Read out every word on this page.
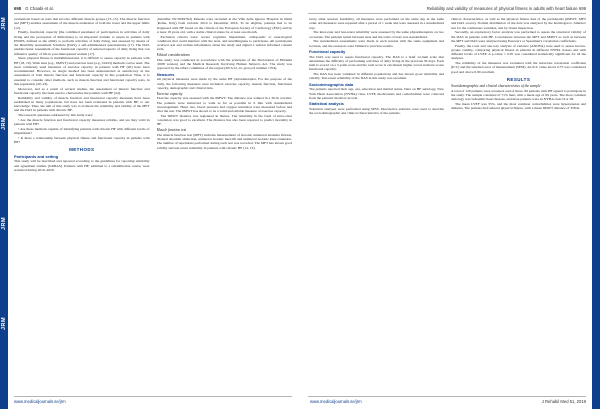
JRM
JRM
JRM
JRM
698 G Chaabi et al.

evaluations based on tests that involve different muscle groups (13–15). The muscle function test (MFT) enables assessment of the muscle endurance of both the lower and the upper limbs (12).

Finally, functional capacity (the combined parameter of participation in activities of daily living and the perception of limitations) is an important domain to assess in patients with PWMS, defined as the ability to perform activities of daily living, and assessed by means of the Disability Assessment Schedule (DAS), a self-administered questionnaire (17). The DAS enables better assessment of the functional capacity of selected aspects of daily living that can influence quality of life in post-menopausal women (17).

Since physical fitness is multidimensional, it is difficult to assess capacity in patients with HF (18, 19). Walk tests (e.g., 6MWT) and exercise tests (e.g., DASI) methods can be used. The most commonly used measures of exercise capacity in patients with HF (20) have been recommended. However, no single method has been demonstrated as satisfactory in the assessment of both muscle function and functional capacity in this population. Thus, it is essential to consider other methods, such as muscle function and functional capacity tests, in this population (20–23).

Moreover, and as a result of several studies, the assessment of muscle function and functional capacity has been used to characterize the patients with HF (24).

Reliability and validity of muscle function and functional capacity measures have been established in many populations, but have not been evaluated in patients with HF, to our knowledge. Thus, the aim of this study was to evaluate the reliability and validity of the MFT and the DAS in patients with chronic HF.

The research questions addressed by this study were:

• Are the muscle function and functional capacity measures reliable, and are they valid in patients with HF?

• Are these methods capable of identifying patients with chronic HF with different levels of impairment?

• Is there a relationship between physical fitness and functional capacity in patients with HF?

METHODS
Participants and setting

This study will be described and reported according to the guidelines for reporting reliability and agreement studies (GRRAS). Patients with HF, admitted to a rehabilitation centre, were recruited during 2019–2020.

(identifier NCT0X97KJ) Patients were recruited at the Villa delle Querce Hospital in Nemi (Rome, Italy) from October 2014 to December 2016. To be eligible, patients had to be diagnosed with HF based on the criteria of the European Society of Cardiology (ESC) and be at least 18 years old, with a stable clinical status for at least one month.

Exclusion criteria were: severe cognitive impairment, orthopaedic or neurological conditions that could interfere with the tests, and unwillingness to participate. All participants received oral and written information about the study and signed a written informed consent form.

Ethical considerations

This study was conducted in accordance with the principles of the Declaration of Helsinki (2008 version) and the Medical Research Involving Human Subjects Act. The study was approved by the ethics committee of the region (2015/12-12, protocol number 1704).

Measures

All physical measures were made by the same HF physiotherapist. For the purpose of the study, the following measures were included: exercise capacity, muscle function, functional capacity, demographic and clinical data.

Exercise capacity

Exercise capacity was assessed with the 6MWT. The distance was walked in a 30-m corridor. The patients were instructed to walk as far as possible in 6 min with standardized encouragement. Heart rate, blood pressure and oxygen saturation were measured before and after the test. The 6MWT has shown to be a valid and reliable measure of exercise capacity.

The 6MWT distance was registered in metres. The reliability in the form of intra-class correlation was good to excellent. The distance has also been reported to predict mortality in HF.

Muscle function test

The muscle function test (MFT) includes measurement of isotonic unilateral shoulder flexion, bilateral shoulder abduction, unilateral isotonic heel-lift and unilateral isotonic knee extension. The number of repetitions performed during each test was recorded. The MFT has shown good validity and test-retest reliability in patients with chronic HF (12, 13).

www.medicaljournals.se/jrm
Reliability and validity of measures of physical fitness in adults with heart failure 699

every other session; feasibility, all measures were performed on the same day in the same order. All measures were repeated after a period of 1 week and were assessed in a standardized way.

The inter-rater and test-retest reliability were assessed by the same physiotherapists on two occasions. The patients rested between tests and the order of tests was standardized.

The standardized assessments were made at each session with the same equipment and location, and the assessors were blinded to previous results.

Functional capacity

The DAS was used to assess functional capacity. The DAS is a brief 12-item scale that determines the difficulty of performing activities of daily living in the previous 30 days. Each item is scored on a 5-point scale and the total score is calculated; higher scores indicate worse functional capacity.

The DAS has been validated in different populations and has shown good reliability and validity. Test-retest reliability of the DAS in this study was excellent.

Sociodemographic data

The patients reported their age, sex, education and marital status. Data on HF aetiology, New York Heart Association (NYHA) class, LVEF, medications and comorbidities were collected from the patients' medical records.

Statistical analysis

Statistical analyses were performed using SPSS. Descriptive statistics were used to describe the sociodemographic and clinical characteristics of the patients.

clinical characteristics, as well as the physical fitness data of the participants (6MWT, MFT and DAS scores). Normal distribution of the data was analysed by the Kolmogorov–Smirnov test for the continuous variables, and by visual inspection.

Secondly, an exploratory factor analysis was performed to assess the structural validity of the DAS in patients with HF. Correlations between the MFT and 6MWT as well as between the MFT and DAS were analysed using Pearson's or Spearman's correlation coefficients.

Finally, the t-test and one-way analysis of variance (ANOVA) were used to assess known-groups validity, comparing physical fitness in patients in different NYHA classes and with different levels of LVEF. A p-value < 0.05 was considered statistically significant for all the analyses.

The reliability of the measures was evaluated with the intraclass correlation coefficient (ICC) and the standard error of measurement (SEM). An ICC value above 0.75 was considered good and above 0.90 excellent.

RESULTS
Sociodemographic and clinical characteristics of the sample

A total of 120 patients were screened, and of these, 99 patients with HF agreed to participate in the study. The sample consisted of 71% men, with a mean age of 69 years. The most common aetiology was ischaemic heart disease, and most patients were in NYHA class II or III.

The mean LVEF was 35%, and the most common comorbidities were hypertension and diabetes. The patients had reduced physical fitness, with a mean 6MWT distance of 358 m.

www.medicaljournals.se/jrm	J Rehabil Med 51, 2019
